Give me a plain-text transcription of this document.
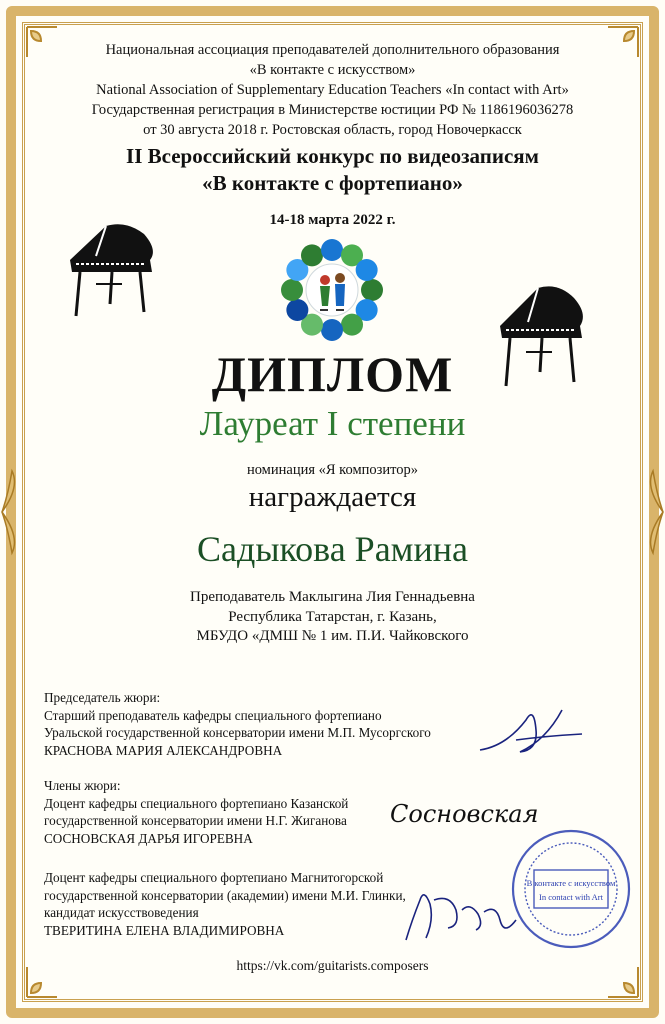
Национальная ассоциация преподавателей дополнительного образования
«В контакте с искусством»
National Association of Supplementary Education Teachers «In contact with Art»
Государственная регистрация в Министерстве юстиции РФ № 1186196036278
от 30 августа 2018 г. Ростовская область, город Новочеркасск
II Всероссийский конкурс по видеозаписям
«В контакте с фортепиано»
14-18 марта 2022 г.
ДИПЛОМ
Лауреат I степени
номинация «Я композитор»
награждается
Садыкова Рамина
Преподаватель Маклыгина Лия Геннадьевна
Республика Татарстан, г. Казань,
МБУДО «ДМШ № 1 им. П.И. Чайковского
Председатель жюри:
Старший преподаватель кафедры специального фортепиано
Уральской государственной консерватории имени М.П. Мусоргского
КРАСНОВА МАРИЯ АЛЕКСАНДРОВНА
Члены жюри:
Доцент кафедры специального фортепиано Казанской
государственной консерватории имени Н.Г. Жиганова
СОСНОВСКАЯ ДАРЬЯ ИГОРЕВНА
Доцент кафедры специального фортепиано Магнитогорской
государственной консерватории (академии) имени М.И. Глинки,
кандидат искусствоведения
ТВЕРИТИНА ЕЛЕНА ВЛАДИМИРОВНА
Сосновская
В контакте с искусством
In contact with Art
https://vk.com/guitarists.composers
